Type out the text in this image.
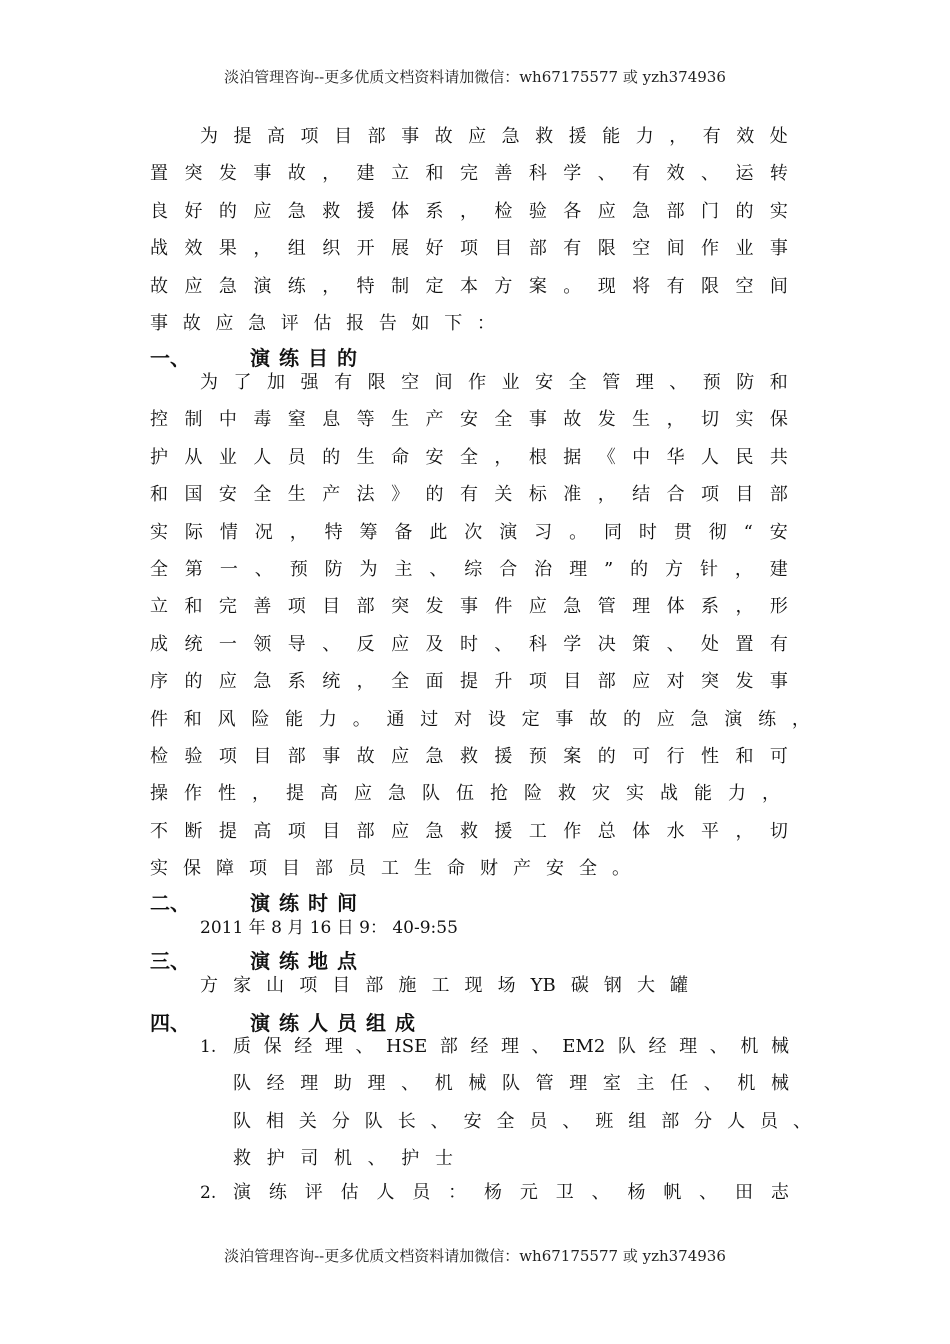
淡泊管理咨询--更多优质文档资料请加微信：wh67175577 或 yzh374936
为 提 高 项 目 部 事 故 应 急 救 援 能 力 ， 有 效 处
置 突 发 事 故 ， 建 立 和 完 善 科 学 、 有 效 、 运 转
良 好 的 应 急 救 援 体 系 ， 检 验 各 应 急 部 门 的 实
战 效 果 ， 组 织 开 展 好 项 目 部 有 限 空 间 作 业 事
故 应 急 演 练 ， 特 制 定 本 方 案 。 现 将 有 限 空 间
事 故 应 急 评 估 报 告 如 下 ：
一、	演练目的
为 了 加 强 有 限 空 间 作 业 安 全 管 理 、 预 防 和
控 制 中 毒 窒 息 等 生 产 安 全 事 故 发 生 ， 切 实 保
护 从 业 人 员 的 生 命 安 全 ， 根 据 《 中 华 人 民 共
和 国 安 全 生 产 法 》 的 有 关 标 准 ， 结 合 项 目 部
实 际 情 况 ， 特 筹 备 此 次 演 习 。 同 时 贯 彻 “ 安
全 第 一 、 预 防 为 主 、 综 合 治 理 ” 的 方 针 ， 建
立 和 完 善 项 目 部 突 发 事 件 应 急 管 理 体 系 ， 形
成 统 一 领 导 、 反 应 及 时 、 科 学 决 策 、 处 置 有
序 的 应 急 系 统 ， 全 面 提 升 项 目 部 应 对 突 发 事
件 和 风 险 能 力 。 通 过 对 设 定 事 故 的 应 急 演 练 ，
检 验 项 目 部 事 故 应 急 救 援 预 案 的 可 行 性 和 可
操 作 性 ， 提 高 应 急 队 伍 抢 险 救 灾 实 战 能 力 ，
不 断 提 高 项 目 部 应 急 救 援 工 作 总 体 水 平 ， 切
实 保 障 项 目 部 员 工 生 命 财 产 安 全 。
二、	演练时间
2011 年 8 月 16 日 9： 40-9:55
三、	演练地点
方 家 山 项 目 部 施 工 现 场 YB 碳 钢 大 罐
四、	演练人员组成
1. 质 保 经 理 、 HSE 部 经 理 、 EM2 队 经 理 、 机 械
队 经 理 助 理 、 机 械 队 管 理 室 主 任 、 机 械
队 相 关 分 队 长 、 安 全 员 、 班 组 部 分 人 员 、
救 护 司 机 、 护 士
2. 演 练 评 估 人 员 ： 杨 元 卫 、 杨 帆 、 田 志
淡泊管理咨询--更多优质文档资料请加微信：wh67175577 或 yzh374936
